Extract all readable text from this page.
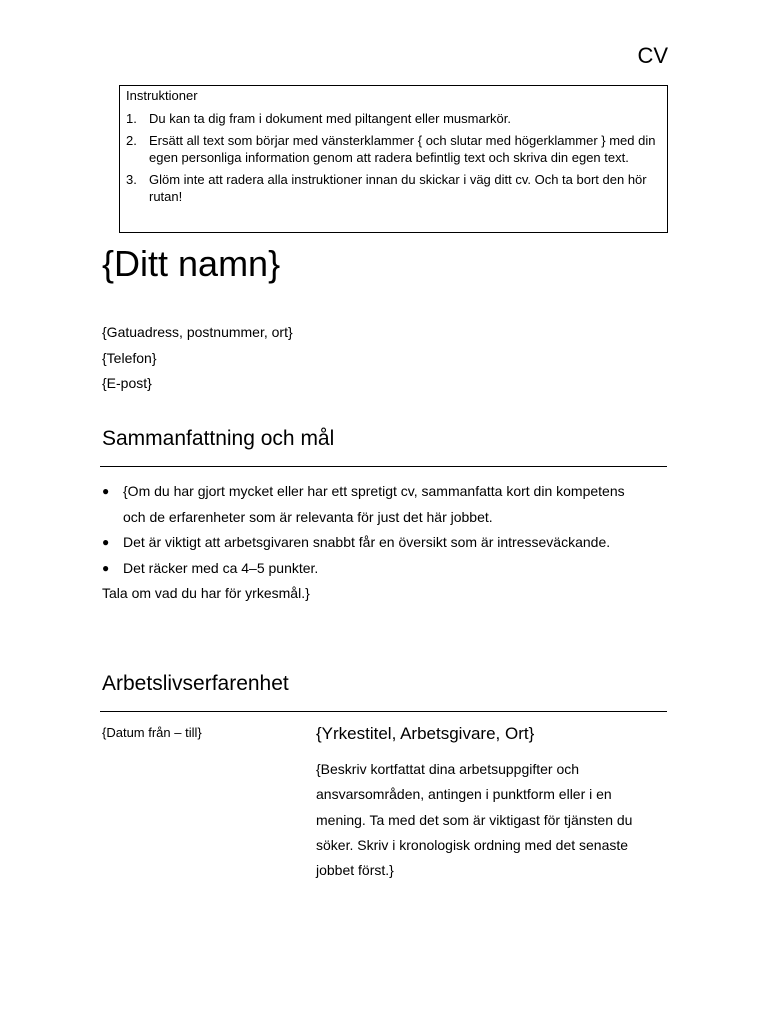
CV
Instruktioner
1. Du kan ta dig fram i dokument med piltangent eller musmarkör.
2. Ersätt all text som börjar med vänsterklammer { och slutar med högerklammer } med din egen personliga information genom att radera befintlig text och skriva din egen text.
3. Glöm inte att radera alla instruktioner innan du skickar i väg ditt cv. Och ta bort den hör rutan!
{Ditt namn}
{Gatuadress, postnummer, ort}
{Telefon}
{E-post}
Sammanfattning och mål
● {Om du har gjort mycket eller har ett spretigt cv, sammanfatta kort din kompetens och de erfarenheter som är relevanta för just det här jobbet.
● Det är viktigt att arbetsgivaren snabbt får en översikt som är intresseväckande.
● Det räcker med ca 4–5 punkter.
Tala om vad du har för yrkesmål.}
Arbetslivserfarenhet
{Datum från – till}	{Yrkestitel, Arbetsgivare, Ort}
{Beskriv kortfattat dina arbetsuppgifter och ansvarsområden, antingen i punktform eller i en mening. Ta med det som är viktigast för tjänsten du söker. Skriv i kronologisk ordning med det senaste jobbet först.}
